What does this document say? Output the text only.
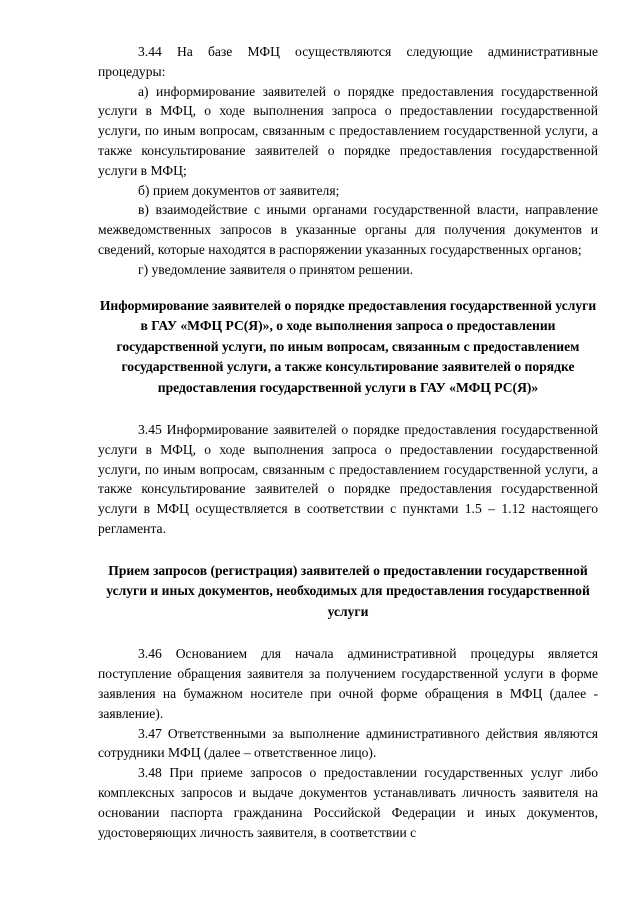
3.44 На базе МФЦ осуществляются следующие административные процедуры:

а) информирование заявителей о порядке предоставления государственной услуги в МФЦ, о ходе выполнения запроса о предоставлении государственной услуги, по иным вопросам, связанным с предоставлением государственной услуги, а также консультирование заявителей о порядке предоставления государственной услуги в МФЦ;

б) прием документов от заявителя;

в) взаимодействие с иными органами государственной власти, направление межведомственных запросов в указанные органы для получения документов и сведений, которые находятся в распоряжении указанных государственных органов;

г) уведомление заявителя о принятом решении.

Информирование заявителей о порядке предоставления государственной услуги в ГАУ «МФЦ РС(Я)», о ходе выполнения запроса о предоставлении государственной услуги, по иным вопросам, связанным с предоставлением государственной услуги, а также консультирование заявителей о порядке предоставления государственной услуги в ГАУ «МФЦ РС(Я)»

3.45 Информирование заявителей о порядке предоставления государственной услуги в МФЦ, о ходе выполнения запроса о предоставлении государственной услуги, по иным вопросам, связанным с предоставлением государственной услуги, а также консультирование заявителей о порядке предоставления государственной услуги в МФЦ осуществляется в соответствии с пунктами 1.5 – 1.12 настоящего регламента.

Прием запросов (регистрация) заявителей о предоставлении государственной услуги и иных документов, необходимых для предоставления государственной услуги

3.46 Основанием для начала административной процедуры является поступление обращения заявителя за получением государственной услуги в форме заявления на бумажном носителе при очной форме обращения в МФЦ (далее - заявление).

3.47 Ответственными за выполнение административного действия являются сотрудники МФЦ (далее – ответственное лицо).

3.48 При приеме запросов о предоставлении государственных услуг либо комплексных запросов и выдаче документов устанавливать личность заявителя на основании паспорта гражданина Российской Федерации и иных документов, удостоверяющих личность заявителя, в соответствии с
